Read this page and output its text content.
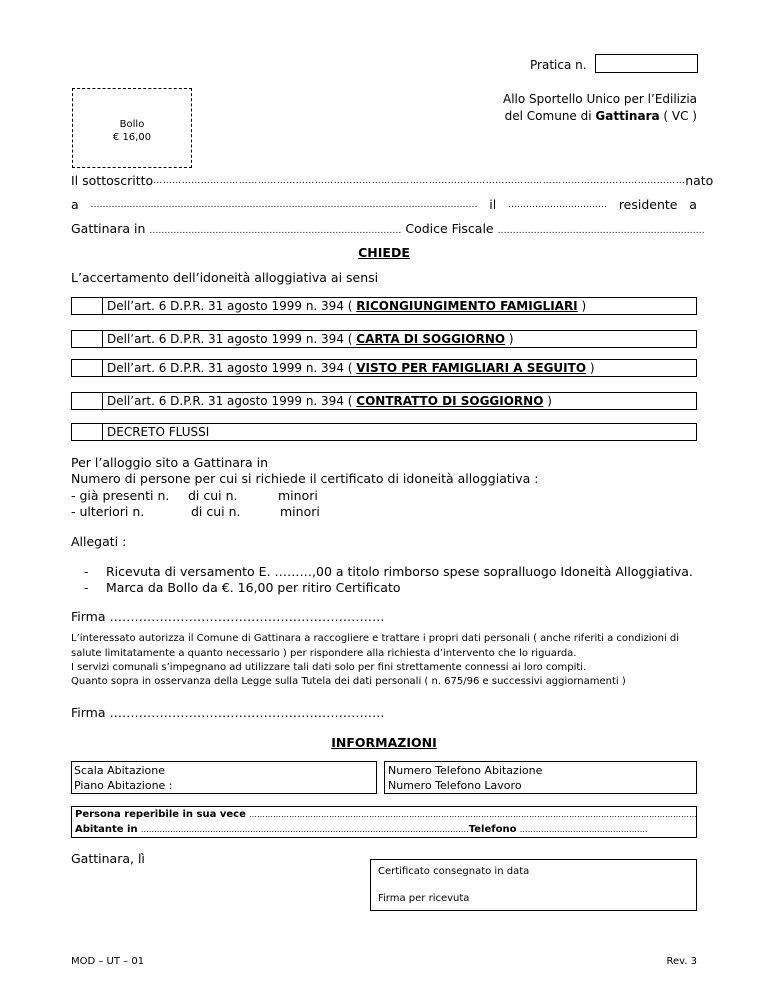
Pratica n.
Bollo
€ 16,00
Allo Sportello Unico per l’Edilizia
del Comune di Gattinara ( VC )
Il sottoscritto …………………………………………………………………………………………………………………………………………………… nato
a ………………………………………………………………………………………………………………… il …………………………… residente a
Gattinara in ………………………………………………………………………… Codice Fiscale ……………………………………………………………
CHIEDE
L’accertamento dell’idoneità alloggiativa ai sensi
Dell’art. 6 D.P.R. 31 agosto 1999 n. 394 ( RICONGIUNGIMENTO FAMIGLIARI )
Dell’art. 6 D.P.R. 31 agosto 1999 n. 394 ( CARTA DI SOGGIORNO )
Dell’art. 6 D.P.R. 31 agosto 1999 n. 394 ( VISTO PER FAMIGLIARI A SEGUITO )
Dell’art. 6 D.P.R. 31 agosto 1999 n. 394 ( CONTRATTO DI SOGGIORNO )
DECRETO FLUSSI
Per l’alloggio sito a Gattinara in
Numero di persone per cui si richiede il certificato di idoneità alloggiativa :
- già presenti n. di cui n.	minori
- ulteriori n.	di cui n.	minori
Allegati :
- Ricevuta di versamento E. ………,00 a titolo rimborso spese sopralluogo Idoneità Alloggiativa.
- Marca da Bollo da €. 16,00 per ritiro Certificato
Firma …………………………………………………………
L’interessato autorizza il Comune di Gattinara a raccogliere e trattare i propri dati personali ( anche riferiti a condizioni di
salute limitatamente a quanto necessario ) per rispondere alla richiesta d’intervento che lo riguarda.
I servizi comunali s’impegnano ad utilizzare tali dati solo per fini strettamente connessi ai loro compiti.
Quanto sopra in osservanza della Legge sulla Tutela dei dati personali ( n. 675/96 e successivi aggiornamenti )
Firma …………………………………………………………
INFORMAZIONI
Scala Abitazione
Piano Abitazione :
Numero Telefono Abitazione
Numero Telefono Lavoro
Persona reperibile in sua vece ……………………………………………………………………………………………………………………………………………………
Abitante in ……………………………………………………………………………………………………………Telefono …………………………………………
Gattinara, lì
Certificato consegnato in data
Firma per ricevuta
MOD – UT – 01	Rev. 3
